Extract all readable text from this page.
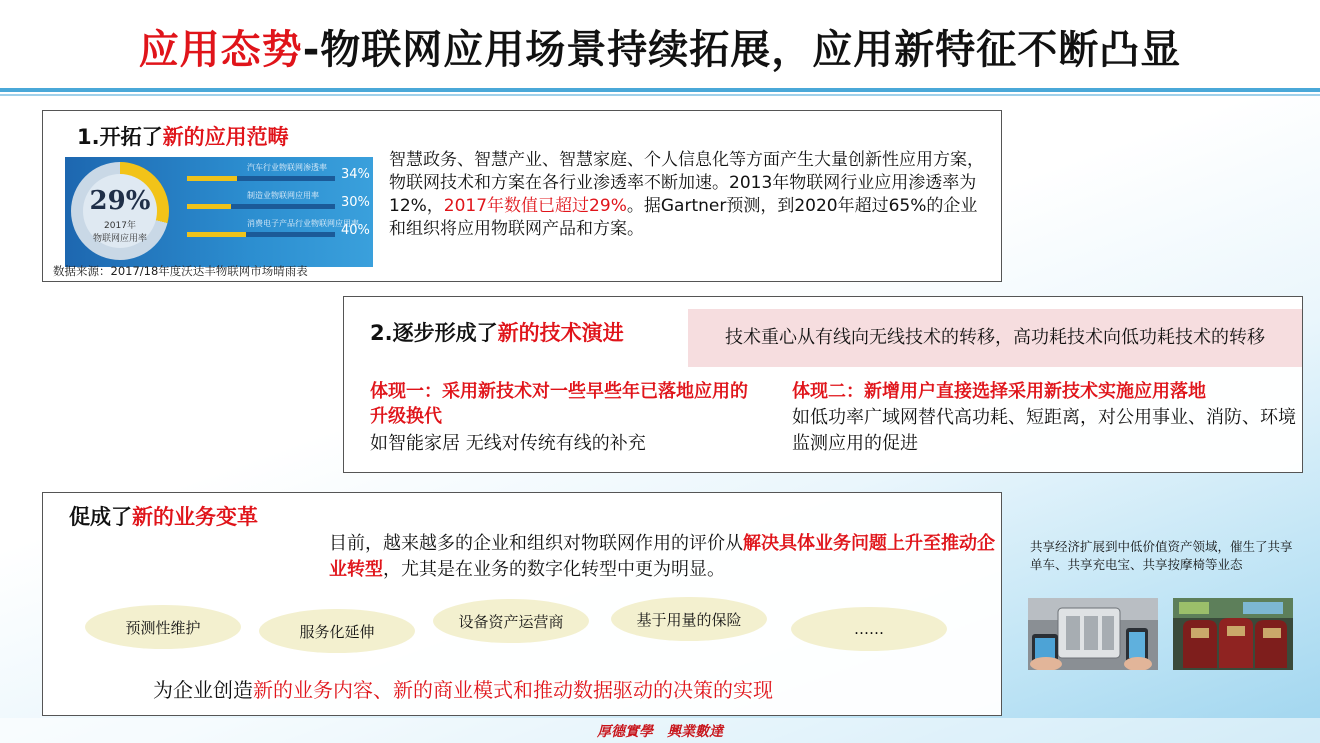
应用态势-物联网应用场景持续拓展，应用新特征不断凸显
1.开拓了新的应用范畴
29%
2017年
物联网应用率
汽车行业物联网渗透率 34%
制造业物联网应用率 30%
消费电子产品行业物联网应用率
40%
数据来源：2017/18年度沃达丰物联网市场晴雨表
智慧政务、智慧产业、智慧家庭、个人信息化等方面产生大量创新性应用方案，物联网技术和方案在各行业渗透率不断加速。2013年物联网行业应用渗透率为12%，2017年数值已超过29%。据Gartner预测，到2020年超过65%的企业和组织将应用物联网产品和方案。
2.逐步形成了新的技术演进	技术重心从有线向无线技术的转移，高功耗技术向低功耗技术的转移
体现一：采用新技术对一些早些年已落地应用的升级换代
如智能家居 无线对传统有线的补充
体现二：新增用户直接选择采用新技术实施应用落地
如低功率广域网替代高功耗、短距离，对公用事业、消防、环境监测应用的促进
促成了新的业务变革
目前，越来越多的企业和组织对物联网作用的评价从解决具体业务问题上升至推动企业转型，尤其是在业务的数字化转型中更为明显。
预测性维护	服务化延伸
设备资产运营商	基于用量的保险
……
为企业创造新的业务内容、新的商业模式和推动数据驱动的决策的实现
共享经济扩展到中低价值资产领域，催生了共享单车、共享充电宝、共享按摩椅等业态
厚德實學　興業數達
